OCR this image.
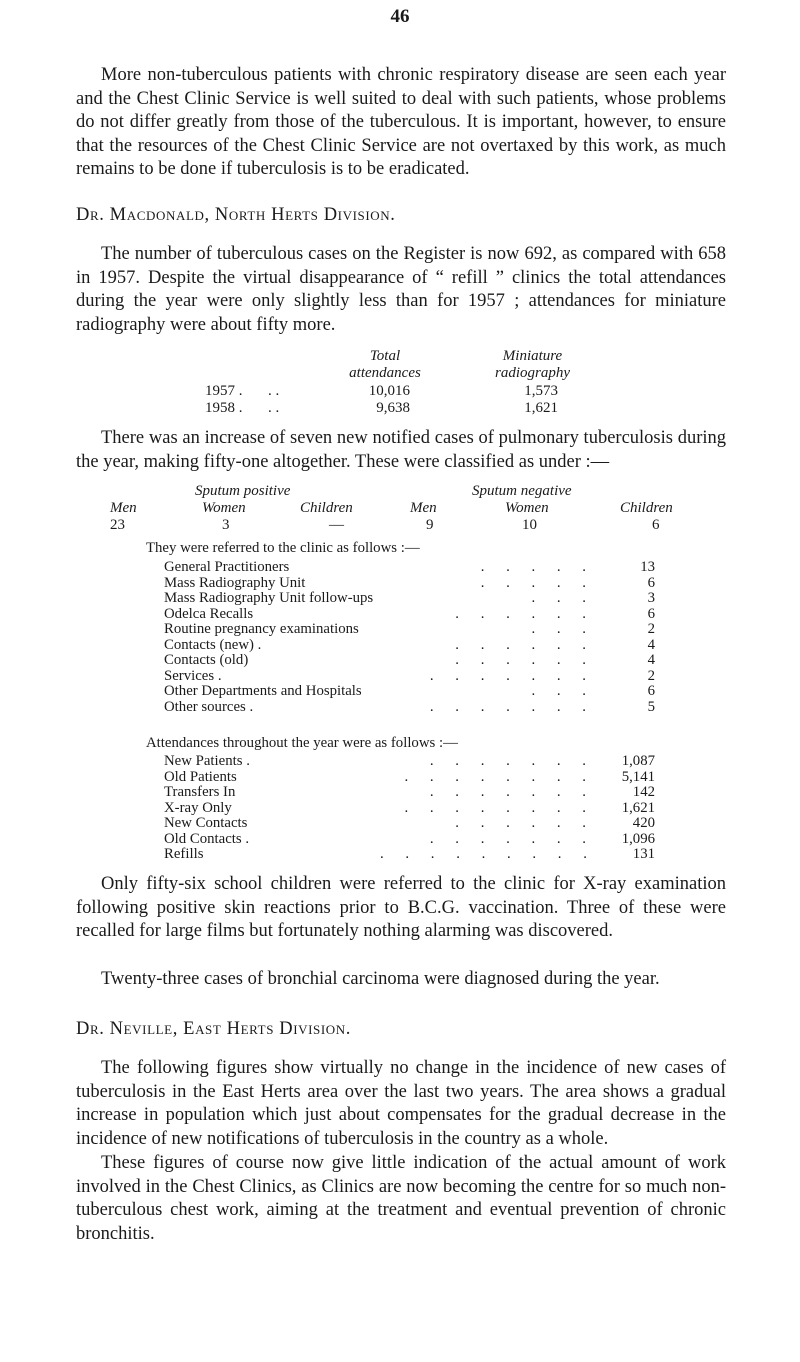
46

More non-tuberculous patients with chronic respiratory disease are seen each year and the Chest Clinic Service is well suited to deal with such patients, whose problems do not differ greatly from those of the tuberculous. It is important, however, to ensure that the resources of the Chest Clinic Service are not overtaxed by this work, as much remains to be done if tuberculosis is to be eradicated.

Dr. Macdonald, North Herts Division.

The number of tuberculous cases on the Register is now 692, as compared with 658 in 1957. Despite the virtual disappearance of “ refill ” clinics the total attendances during the year were only slightly less than for 1957 ; attendances for miniature radiography were about fifty more.

Total
attendances
Miniature
radiography
1957 . . .	10,016	1,573
1958 . . .	9,638	1,621

There was an increase of seven new notified cases of pulmonary tuberculosis during the year, making fifty-one altogether. These were classified as under :—

Sputum positive	Sputum negative
Men	Women	Children	Men	Women	Children
23	3	—	9	10	6
They were referred to the clinic as follows :—
General Practitioners	. . . . .	13
Mass Radiography Unit	. . . . .	6
Mass Radiography Unit follow-ups	. . .	3
Odelca Recalls	. . . . . .	6
Routine pregnancy examinations	. . .	2
Contacts (new) .	. . . . . .	4
Contacts (old)	. . . . . .	4
Services .	. . . . . . .	2
Other Departments and Hospitals	. . .	6
Other sources .	. . . . . . .	5
Attendances throughout the year were as follows :—
New Patients .	. . . . . . .	1,087
Old Patients	. . . . . . . .	5,141
Transfers In	. . . . . . .	142
X-ray Only	. . . . . . . .	1,621
New Contacts	. . . . . .	420
Old Contacts .	. . . . . . .	1,096
Refills	. . . . . . . . .	131

Only fifty-six school children were referred to the clinic for X-ray examination following positive skin reactions prior to B.C.G. vaccination. Three of these were recalled for large films but fortunately nothing alarming was discovered.

Twenty-three cases of bronchial carcinoma were diagnosed during the year.

Dr. Neville, East Herts Division.

The following figures show virtually no change in the incidence of new cases of tuberculosis in the East Herts area over the last two years. The area shows a gradual increase in population which just about compensates for the gradual decrease in the incidence of new notifications of tuberculosis in the country as a whole.

These figures of course now give little indication of the actual amount of work involved in the Chest Clinics, as Clinics are now becoming the centre for so much non-tuberculous chest work, aiming at the treatment and eventual prevention of chronic bronchitis.
